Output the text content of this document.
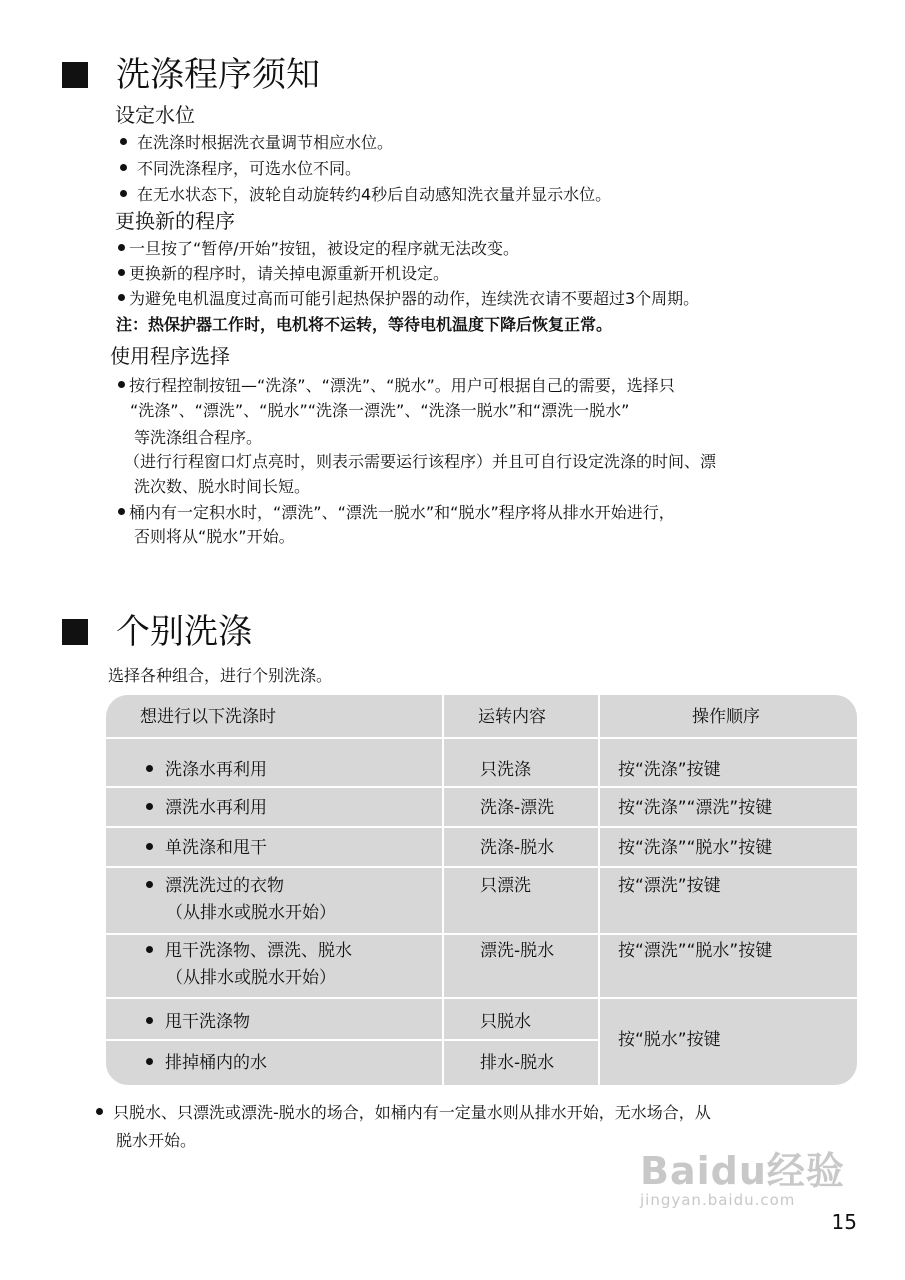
洗涤程序须知
设定水位
在洗涤时根据洗衣量调节相应水位。
不同洗涤程序，可选水位不同。
在无水状态下，波轮自动旋转约4秒后自动感知洗衣量并显示水位。
更换新的程序
一旦按了“暂停/开始”按钮，被设定的程序就无法改变。
更换新的程序时，请关掉电源重新开机设定。
为避免电机温度过高而可能引起热保护器的动作，连续洗衣请不要超过3个周期。
注：热保护器工作时，电机将不运转，等待电机温度下降后恢复正常。
使用程序选择
按行程控制按钮—“洗涤”、“漂洗”、“脱水”。用户可根据自己的需要，选择只
“洗涤”、“漂洗”、“脱水”“洗涤一漂洗”、“洗涤一脱水”和“漂洗一脱水”
等洗涤组合程序。
（进行行程窗口灯点亮时，则表示需要运行该程序）并且可自行设定洗涤的时间、漂
洗次数、脱水时间长短。
桶内有一定积水时，“漂洗”、“漂洗一脱水”和“脱水”程序将从排水开始进行，
否则将从“脱水”开始。
个别洗涤
选择各种组合，进行个别洗涤。
想进行以下洗涤时	运转内容	操作顺序
洗涤水再利用	只洗涤	按“洗涤”按键
漂洗水再利用	洗涤-漂洗	按“洗涤”“漂洗”按键
单洗涤和甩干	洗涤-脱水	按“洗涤”“脱水”按键
漂洗洗过的衣物
（从排水或脱水开始）
只漂洗	按“漂洗”按键
甩干洗涤物、漂洗、脱水
（从排水或脱水开始）
漂洗-脱水	按“漂洗”“脱水”按键
甩干洗涤物	只脱水
排掉桶内的水	排水-脱水
按“脱水”按键
只脱水、只漂洗或漂洗-脱水的场合，如桶内有一定量水则从排水开始，无水场合，从
脱水开始。
Baidu经验
jingyan.baidu.com
15
